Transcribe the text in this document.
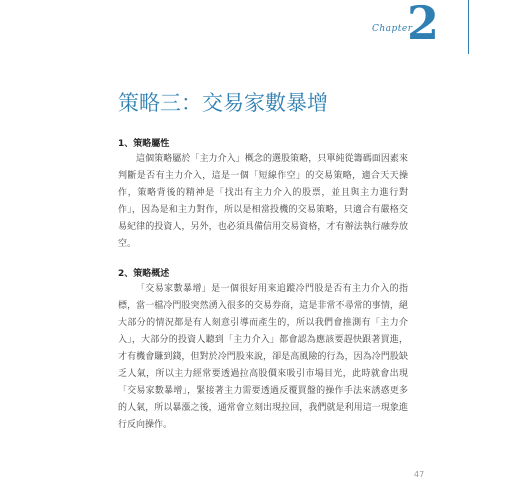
Chapter
2
策略三：交易家數暴增
1、策略屬性

這個策略屬於「主力介入」概念的選股策略，只單純從籌碼面因素來判斷是否有主力介入，這是一個「短線作空」的交易策略，適合天天操作，策略背後的精神是「找出有主力介入的股票，並且與主力進行對作」，因為是和主力對作，所以是相當投機的交易策略，只適合有嚴格交易紀律的投資人，另外，也必須具備信用交易資格，才有辦法執行融券放空。

2、策略概述

「交易家數暴增」是一個很好用來追蹤冷門股是否有主力介入的指標，當一檔冷門股突然湧入很多的交易券商，這是非常不尋常的事情，絕大部分的情況都是有人刻意引導而產生的，所以我們會推測有「主力介入」，大部分的投資人聽到「主力介入」都會認為應該要趕快跟著買進，才有機會賺到錢，但對於冷門股來說，卻是高風險的行為，因為冷門股缺乏人氣，所以主力經常要透過拉高股價來吸引市場目光，此時就會出現「交易家數暴增」，緊接著主力需要透過反覆買盤的操作手法來誘惑更多的人氣，所以暴漲之後，通常會立刻出現拉回，我們就是利用這一現象進行反向操作。

47
